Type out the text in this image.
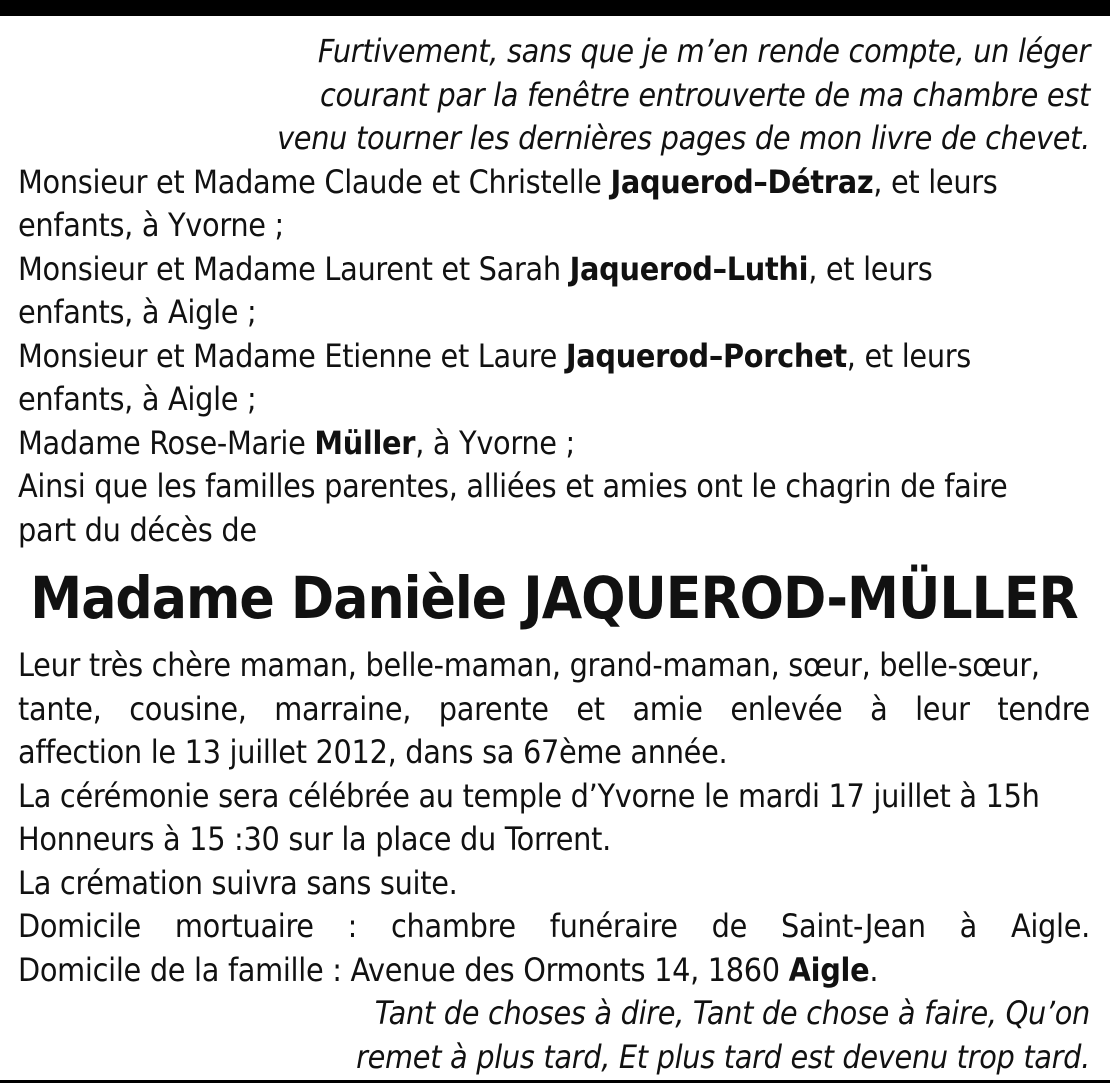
Furtivement, sans que je m’en rende compte, un léger
courant par la fenêtre entrouverte de ma chambre est
venu tourner les dernières pages de mon livre de chevet.
Monsieur et Madame Claude et Christelle Jaquerod–Détraz, et leurs
enfants, à Yvorne ;
Monsieur et Madame Laurent et Sarah Jaquerod–Luthi, et leurs
enfants, à Aigle ;
Monsieur et Madame Etienne et Laure Jaquerod–Porchet, et leurs
enfants, à Aigle ;
Madame Rose-Marie Müller, à Yvorne ;
Ainsi que les familles parentes, alliées et amies ont le chagrin de faire
part du décès de
Madame Danièle JAQUEROD-MÜLLER
Leur très chère maman, belle-maman, grand-maman, sœur, belle-sœur,
tante, cousine, marraine, parente et amie enlevée à leur tendre
affection le 13 juillet 2012, dans sa 67ème année.
La cérémonie sera célébrée au temple d’Yvorne le mardi 17 juillet à 15h
Honneurs à 15 :30 sur la place du Torrent.
La crémation suivra sans suite.
Domicile mortuaire : chambre funéraire de Saint-Jean à Aigle.
Domicile de la famille : Avenue des Ormonts 14, 1860 Aigle.
Tant de choses à dire, Tant de chose à faire, Qu’on
remet à plus tard, Et plus tard est devenu trop tard.
